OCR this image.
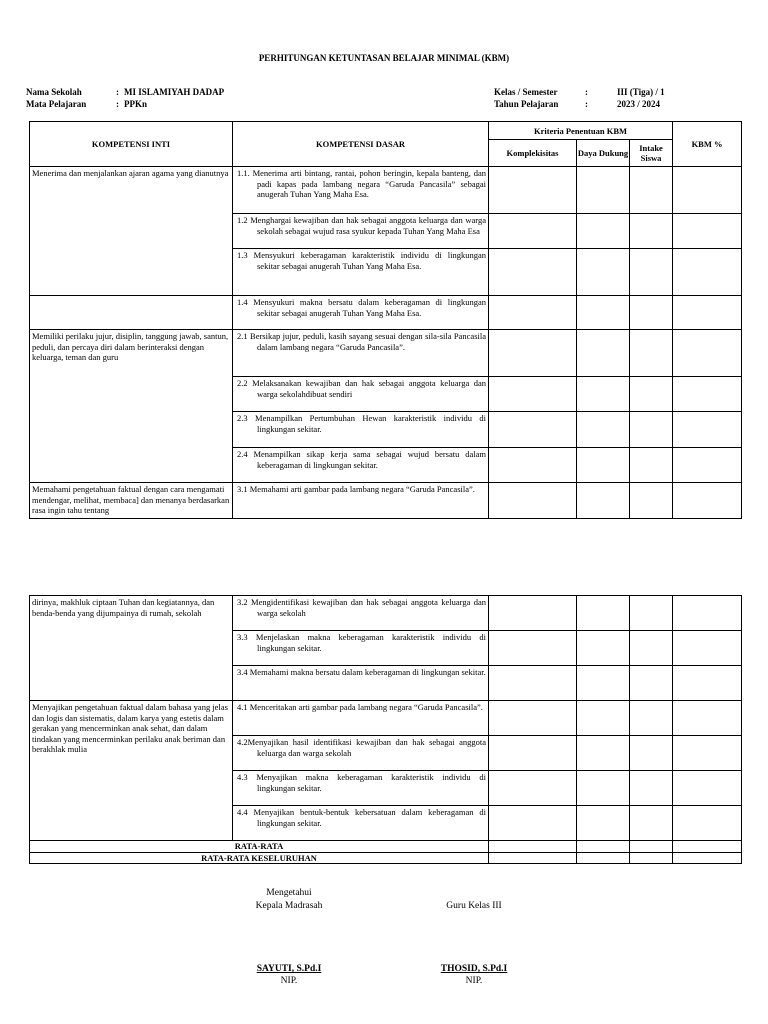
PERHITUNGAN KETUNTASAN BELAJAR MINIMAL (KBM)
Nama Sekolah	: MI ISLAMIYAH DADAP
Mata Pelajaran	: PPKn
Kelas / Semester	:	III (Tiga) / 1
Tahun Pelajaran	:	2023 / 2024
KOMPETENSI INTI	KOMPETENSI DASAR	Kriteria Penentuan KBM			KBM %
		Komplekisitas	Daya Dukung	Intake Siswa	
Menerima dan menjalankan ajaran agama yang dianutnya	1.1. Menerima arti bintang, rantai, pohon beringin, kepala banteng, dan padi kapas pada lambang negara “Garuda Pancasila” sebagai anugerah Tuhan Yang Maha Esa.				

	1.2 Menghargai kewajiban dan hak sebagai anggota keluarga dan warga sekolah sebagai wujud rasa syukur kepada Tuhan Yang Maha Esa				

	1.3 Mensyukuri keberagaman karakteristik individu di lingkungan sekitar sebagai anugerah Tuhan Yang Maha Esa.				

	1.4 Mensyukuri makna bersatu dalam keberagaman di lingkungan sekitar sebagai anugerah Tuhan Yang Maha Esa.				

Memiliki perilaku jujur, disiplin, tanggung jawab, santun, peduli, dan percaya diri dalam berinteraksi dengan keluarga, teman dan guru	2.1 Bersikap jujur, peduli, kasih sayang sesuai dengan sila-sila Pancasila dalam lambang negara “Garuda Pancasila”.				

	2.2 Melaksanakan kewajiban dan hak sebagai anggota keluarga dan warga sekolahdibuat sendiri				

	2.3 Menampilkan Pertumbuhan Hewan karakteristik individu di lingkungan sekitar.				

	2.4 Menampilkan sikap kerja sama sebagai wujud bersatu dalam keberagaman di lingkungan sekitar.				

Memahami pengetahuan faktual dengan cara mengamati mendengar, melihat, membaca] dan menanya berdasarkan rasa ingin tahu tentang	3.1 Memahami arti gambar pada lambang negara “Garuda Pancasila”.				

dirinya, makhluk ciptaan Tuhan dan kegiatannya, dan benda-benda yang dijumpainya di rumah, sekolah	3.2 Mengidentifikasi kewajiban dan hak sebagai anggota keluarga dan warga sekolah				

	3.3 Menjelaskan makna keberagaman karakteristik individu di lingkungan sekitar.				

	3.4 Memahami makna bersatu dalam keberagaman di lingkungan sekitar.				

Menyajikan pengetahuan faktual dalam bahasa yang jelas dan logis dan sistematis, dalam karya yang estetis dalam gerakan yang mencerminkan anak sehat, dan dalam tindakan yang mencerminkan perilaku anak beriman dan berakhlak mulia	4.1 Menceritakan arti gambar pada lambang negara “Garuda Pancasila”.				

	4.2Menyajikan hasil identifikasi kewajiban dan hak sebagai anggota keluarga dan warga sekolah				

	4.3 Menyajikan makna keberagaman karakteristik individu di lingkungan sekitar.				

	4.4 Menyajikan bentuk-bentuk kebersatuan dalam keberagaman di lingkungan sekitar.				

RATA-RATA					
RATA-RATA KESELURUHAN					
Mengetahui
Kepala Madrasah	Guru Kelas III
SAYUTI, S.Pd.I
NIP.
THOSID, S.Pd.I
NIP.
